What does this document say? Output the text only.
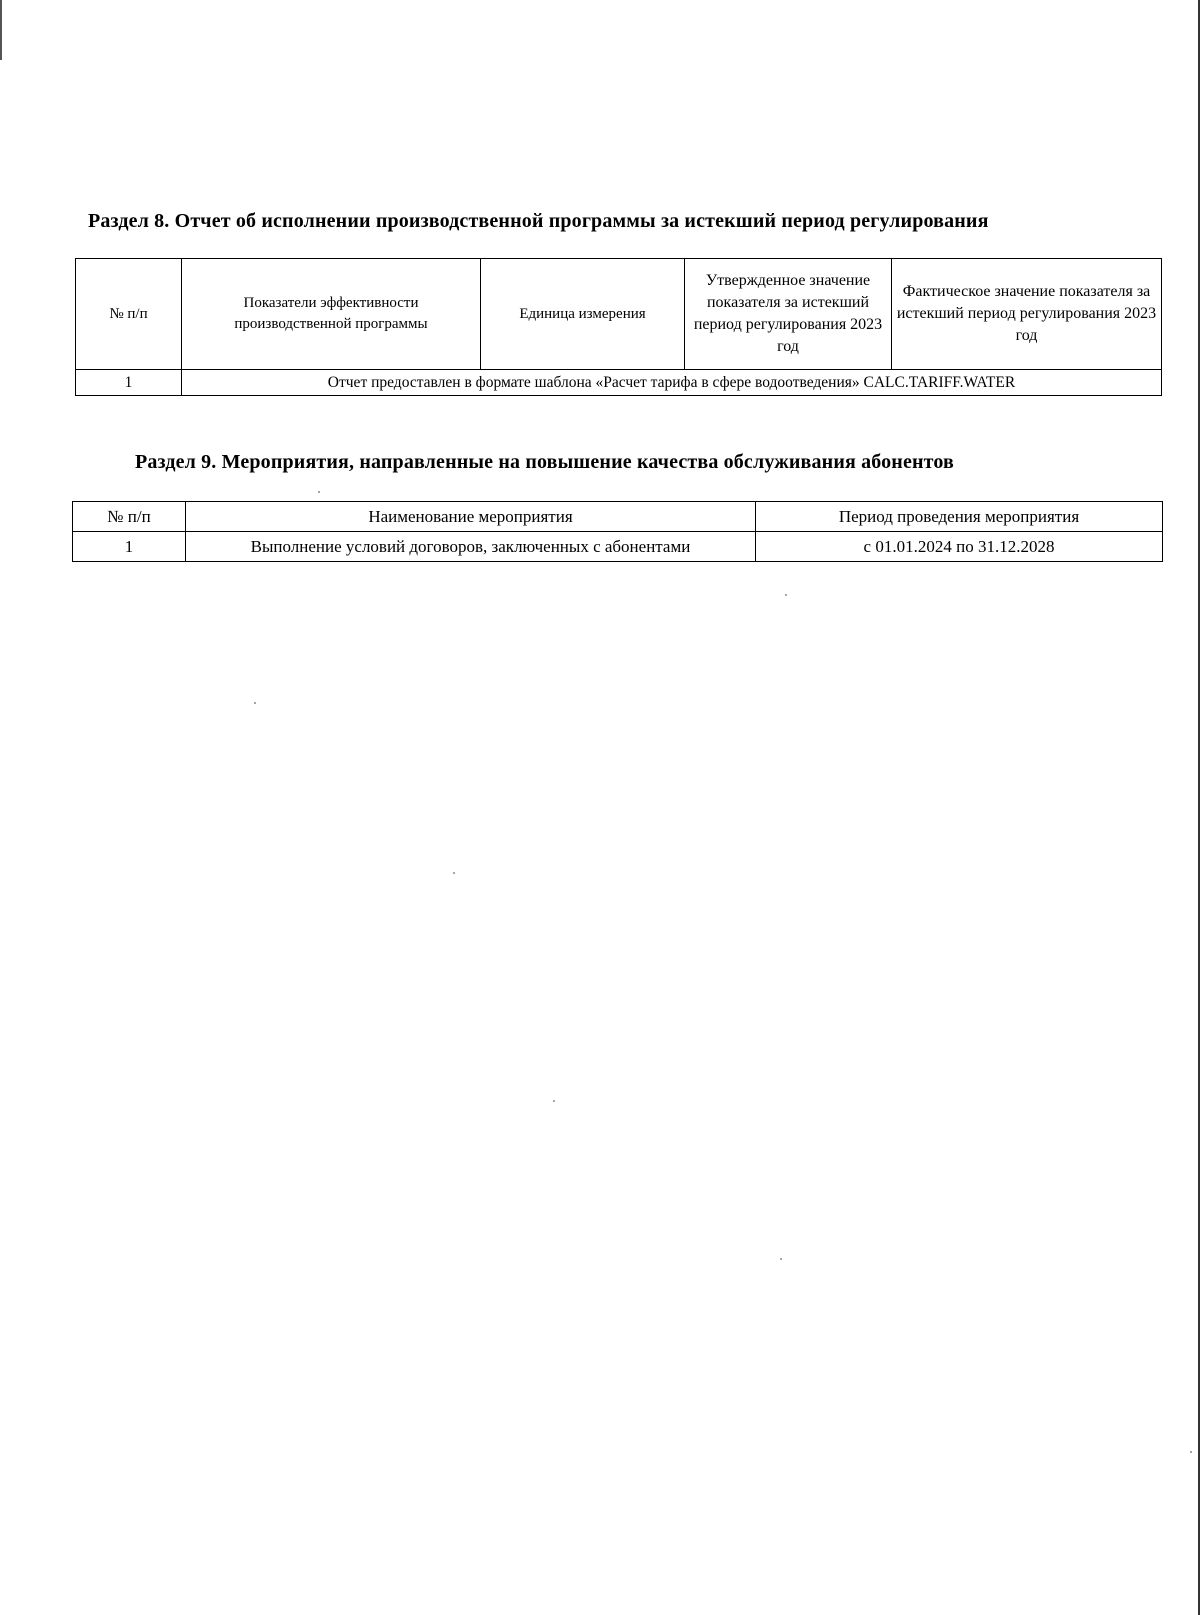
Раздел 8. Отчет об исполнении производственной программы за истекший период регулирования
№ п/п	Показатели эффективности производственной программы	Единица измерения	Утвержденное значение показателя за истекший период регулирования 2023 год	Фактическое значение показателя за истекший период регулирования 2023 год
1	Отчет предоставлен в формате шаблона «Расчет тарифа в сфере водоотведения» CALC.TARIFF.WATER			
Раздел 9. Мероприятия, направленные на повышение качества обслуживания абонентов
№ п/п	Наименование мероприятия	Период проведения мероприятия
1	Выполнение условий договоров, заключенных с абонентами	с 01.01.2024 по 31.12.2028
